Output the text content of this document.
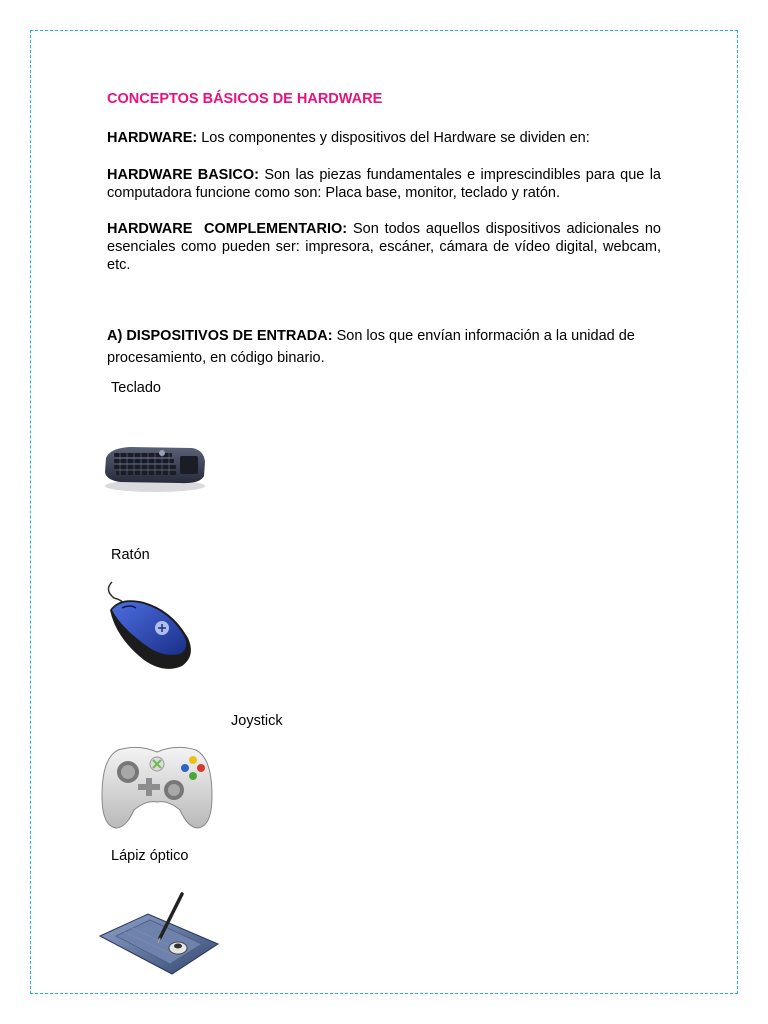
CONCEPTOS BÁSICOS DE HARDWARE
HARDWARE: Los componentes y dispositivos del Hardware se dividen en:
HARDWARE BASICO: Son las piezas fundamentales e imprescindibles para que la computadora funcione como son: Placa base, monitor, teclado y ratón.
HARDWARE  COMPLEMENTARIO: Son todos aquellos dispositivos adicionales no esenciales como pueden ser: impresora, escáner, cámara de vídeo digital, webcam, etc.
A) DISPOSITIVOS DE ENTRADA: Son los que envían información a la unidad de procesamiento, en código binario.
Teclado
Ratón
Joystick
Lápiz óptico
